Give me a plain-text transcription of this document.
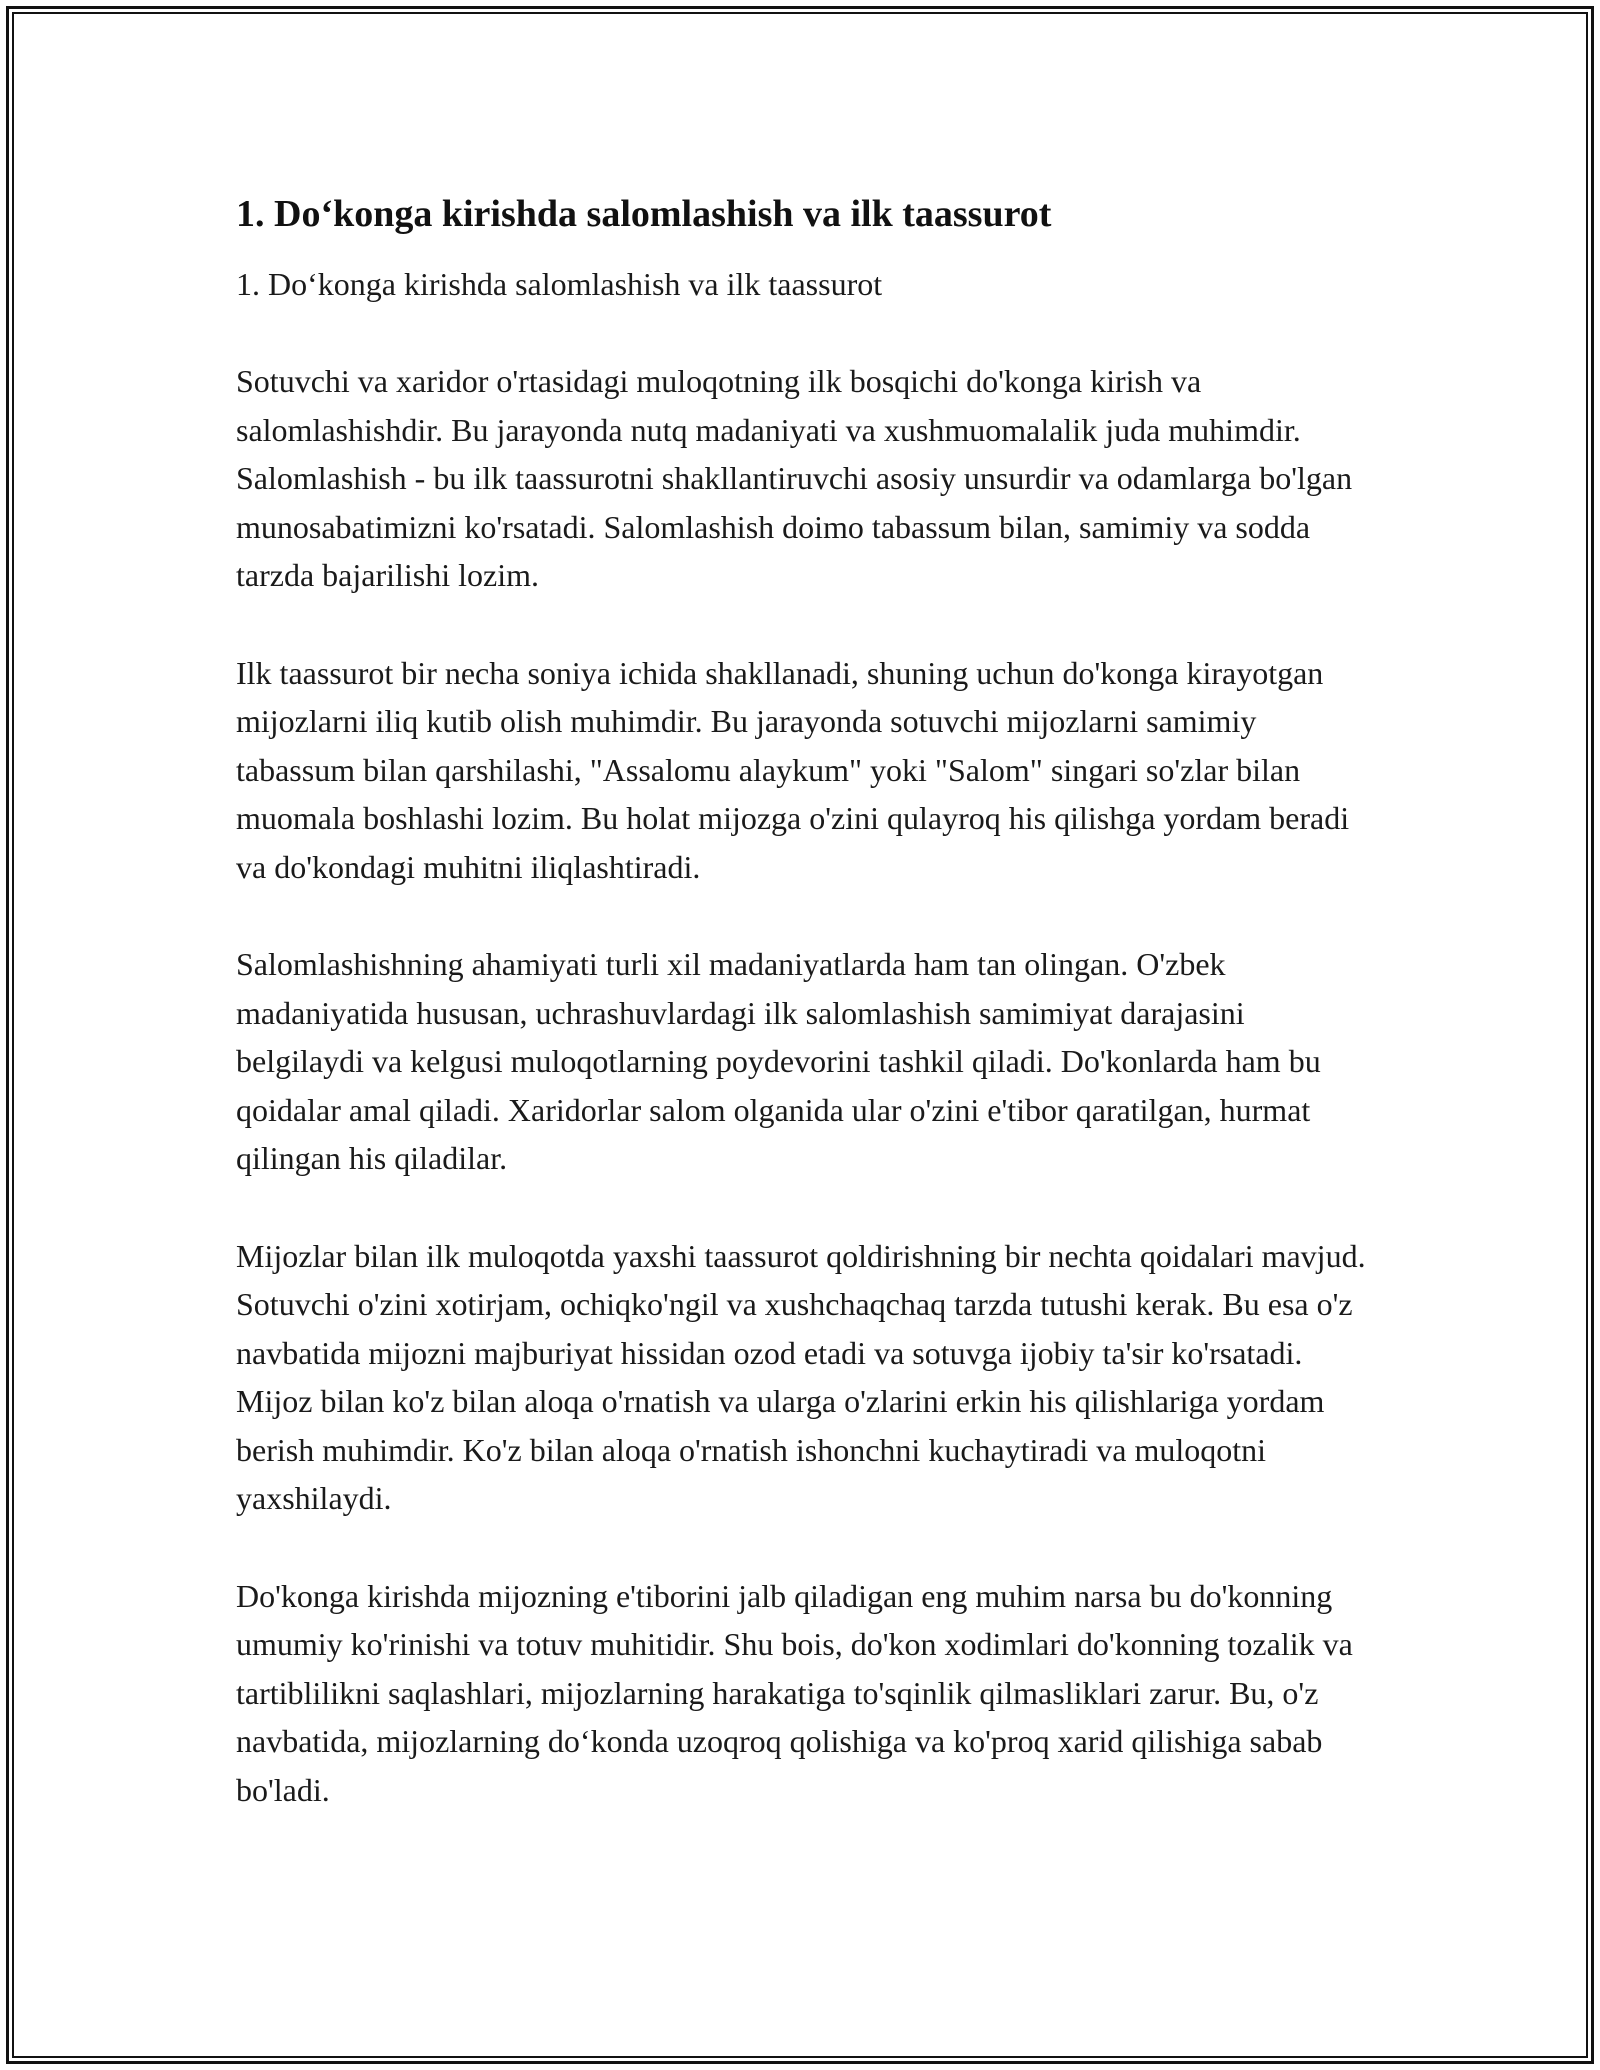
1. Do‘konga kirishda salomlashish va ilk taassurot

1. Do‘konga kirishda salomlashish va ilk taassurot

Sotuvchi va xaridor o'rtasidagi muloqotning ilk bosqichi do'konga kirish va salomlashishdir. Bu jarayonda nutq madaniyati va xushmuomalalik juda muhimdir. Salomlashish - bu ilk taassurotni shakllantiruvchi asosiy unsurdir va odamlarga bo'lgan munosabatimizni ko'rsatadi. Salomlashish doimo tabassum bilan, samimiy va sodda tarzda bajarilishi lozim.

Ilk taassurot bir necha soniya ichida shakllanadi, shuning uchun do'konga kirayotgan mijozlarni iliq kutib olish muhimdir. Bu jarayonda sotuvchi mijozlarni samimiy tabassum bilan qarshilashi, "Assalomu alaykum" yoki "Salom" singari so'zlar bilan muomala boshlashi lozim. Bu holat mijozga o'zini qulayroq his qilishga yordam beradi va do'kondagi muhitni iliqlashtiradi.

Salomlashishning ahamiyati turli xil madaniyatlarda ham tan olingan. O'zbek madaniyatida hususan, uchrashuvlardagi ilk salomlashish samimiyat darajasini belgilaydi va kelgusi muloqotlarning poydevorini tashkil qiladi. Do'konlarda ham bu qoidalar amal qiladi. Xaridorlar salom olganida ular o'zini e'tibor qaratilgan, hurmat qilingan his qiladilar.

Mijozlar bilan ilk muloqotda yaxshi taassurot qoldirishning bir nechta qoidalari mavjud. Sotuvchi o'zini xotirjam, ochiqko'ngil va xushchaqchaq tarzda tutushi kerak. Bu esa o'z navbatida mijozni majburiyat hissidan ozod etadi va sotuvga ijobiy ta'sir ko'rsatadi. Mijoz bilan ko'z bilan aloqa o'rnatish va ularga o'zlarini erkin his qilishlariga yordam berish muhimdir. Ko'z bilan aloqa o'rnatish ishonchni kuchaytiradi va muloqotni yaxshilaydi.

Do'konga kirishda mijozning e'tiborini jalb qiladigan eng muhim narsa bu do'konning umumiy ko'rinishi va totuv muhitidir. Shu bois, do'kon xodimlari do'konning tozalik va tartiblilikni saqlashlari, mijozlarning harakatiga to'sqinlik qilmasliklari zarur. Bu, o'z navbatida, mijozlarning do‘konda uzoqroq qolishiga va ko'proq xarid qilishiga sabab bo'ladi.
